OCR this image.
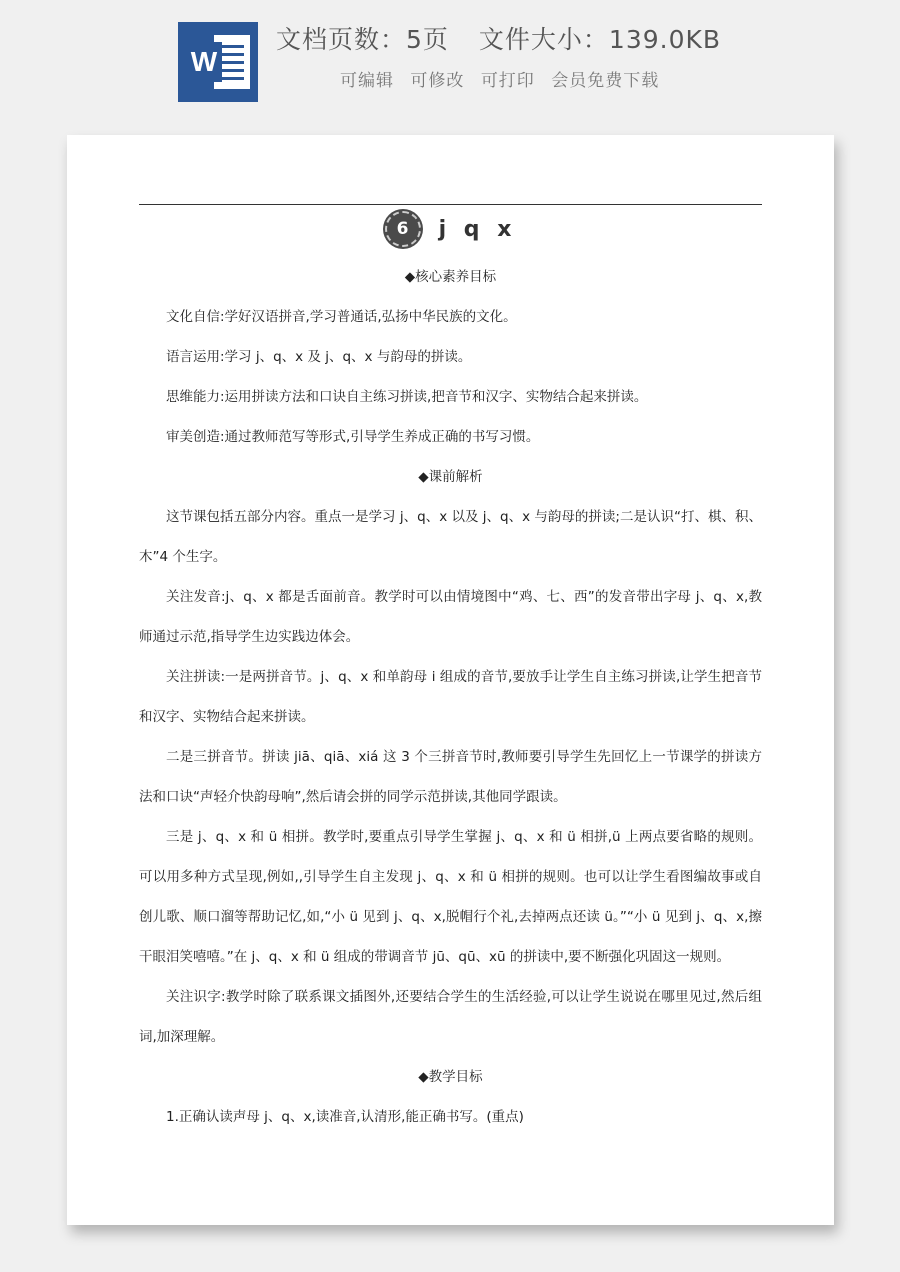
W
文档页数：5页 文件大小：139.0KB
可编辑 可修改 可打印 会员免费下载
6	j q x
◆核心素养目标

文化自信:学好汉语拼音,学习普通话,弘扬中华民族的文化。

语言运用:学习 j、q、x 及 j、q、x 与韵母的拼读。

思维能力:运用拼读方法和口诀自主练习拼读,把音节和汉字、实物结合起来拼读。

审美创造:通过教师范写等形式,引导学生养成正确的书写习惯。

◆课前解析

这节课包括五部分内容。重点一是学习 j、q、x 以及 j、q、x 与韵母的拼读;二是认识“打、棋、积、木”4 个生字。

关注发音:j、q、x 都是舌面前音。教学时可以由情境图中“鸡、七、西”的发音带出字母 j、q、x,教师通过示范,指导学生边实践边体会。

关注拼读:一是两拼音节。j、q、x 和单韵母 i 组成的音节,要放手让学生自主练习拼读,让学生把音节和汉字、实物结合起来拼读。

二是三拼音节。拼读 jiā、qiā、xiá 这 3 个三拼音节时,教师要引导学生先回忆上一节课学的拼读方法和口诀“声轻介快韵母响”,然后请会拼的同学示范拼读,其他同学跟读。

三是 j、q、x 和 ü 相拼。教学时,要重点引导学生掌握 j、q、x 和 ü 相拼,ü 上两点要省略的规则。可以用多种方式呈现,例如,,引导学生自主发现 j、q、x 和 ü 相拼的规则。也可以让学生看图编故事或自创儿歌、顺口溜等帮助记忆,如,“小 ü 见到 j、q、x,脱帽行个礼,去掉两点还读 ü。”“小 ü 见到 j、q、x,擦干眼泪笑嘻嘻。”在 j、q、x 和 ü 组成的带调音节 jū、qū、xū 的拼读中,要不断强化巩固这一规则。

关注识字:教学时除了联系课文插图外,还要结合学生的生活经验,可以让学生说说在哪里见过,然后组词,加深理解。

◆教学目标

1.正确认读声母 j、q、x,读准音,认清形,能正确书写。(重点)
